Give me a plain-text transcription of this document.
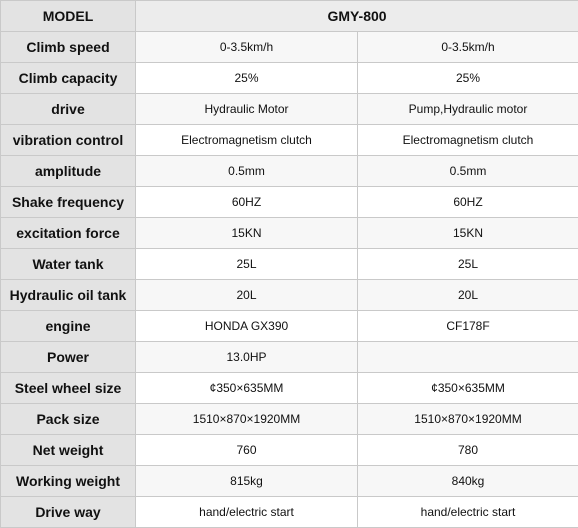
MODEL	GMY-800	
Climb speed	0-3.5km/h	0-3.5km/h
Climb capacity	25%	25%
drive	Hydraulic Motor	Pump,Hydraulic motor
vibration control	Electromagnetism clutch	Electromagnetism clutch
amplitude	0.5mm	0.5mm
Shake frequency	60HZ	60HZ
excitation force	15KN	15KN
Water tank	25L	25L
Hydraulic oil tank	20L	20L
engine	HONDA GX390	CF178F
Power	13.0HP	
Steel wheel size	¢350×635MM	¢350×635MM
Pack size	1510×870×1920MM	1510×870×1920MM
Net weight	760	780
Working weight	815kg	840kg
Drive way	hand/electric start	hand/electric start
